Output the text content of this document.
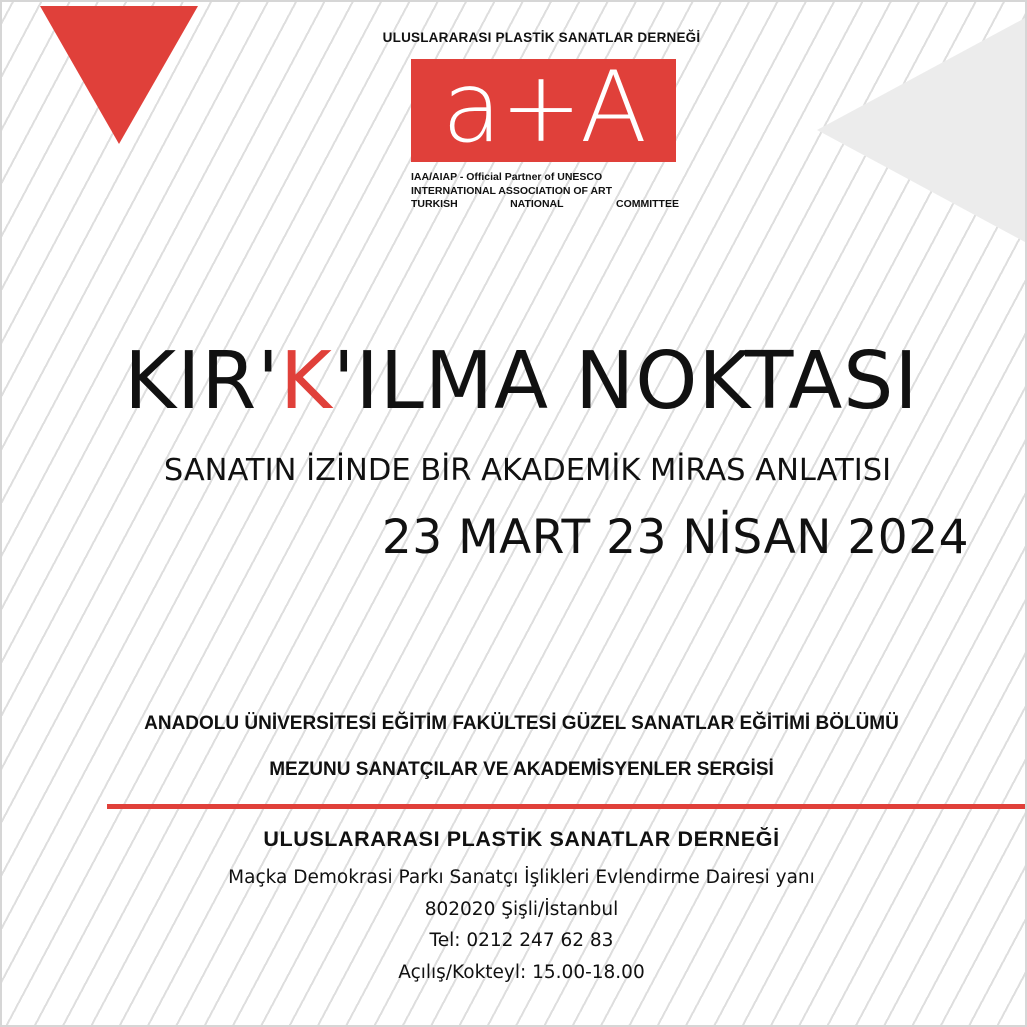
ULUSLARARASI PLASTİK SANATLAR DERNEĞİ
a+A
IAA/AIAP - Official Partner of UNESCO
INTERNATIONAL ASSOCIATION OF ART
TURKISH	NATIONAL	COMMITTEE
KIR'K'ILMA NOKTASI
SANATIN İZİNDE BİR AKADEMİK MİRAS ANLATISI
23 MART 23 NİSAN 2024
ANADOLU ÜNİVERSİTESİ EĞİTİM FAKÜLTESİ GÜZEL SANATLAR EĞİTİMİ BÖLÜMÜ
MEZUNU SANATÇILAR VE AKADEMİSYENLER SERGİSİ
ULUSLARARASI PLASTİK SANATLAR DERNEĞİ
Maçka Demokrasi Parkı Sanatçı İşlikleri Evlendirme Dairesi yanı
802020 Şişli/İstanbul
Tel: 0212 247 62 83
Açılış/Kokteyl: 15.00-18.00
